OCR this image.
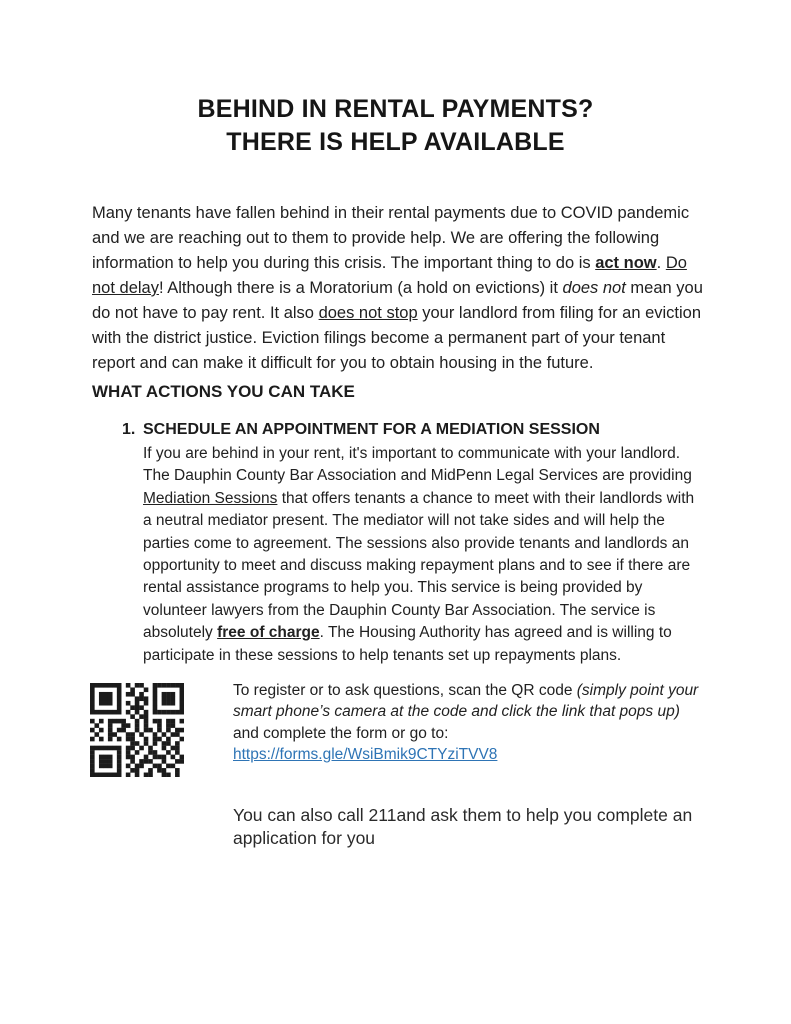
BEHIND IN RENTAL PAYMENTS?
THERE IS HELP AVAILABLE

Many tenants have fallen behind in their rental payments due to COVID pandemic and we are reaching out to them to provide help. We are offering the following information to help you during this crisis. The important thing to do is act now. Do not delay! Although there is a Moratorium (a hold on evictions) it does not mean you do not have to pay rent. It also does not stop your landlord from filing for an eviction with the district justice. Eviction filings become a permanent part of your tenant report and can make it difficult for you to obtain housing in the future.

WHAT ACTIONS YOU CAN TAKE
1. SCHEDULE AN APPOINTMENT FOR A MEDIATION SESSION

If you are behind in your rent, it's important to communicate with your landlord.  The Dauphin County Bar Association and MidPenn Legal Services are providing Mediation Sessions that offers tenants a chance to meet with their landlords with a neutral mediator present. The mediator will not take sides and will help the parties come to agreement. The sessions also provide tenants and landlords an opportunity to meet and discuss making repayment plans and to see if there are rental assistance programs to help you. This service is being provided by volunteer lawyers from the Dauphin County Bar Association. The service is absolutely free of charge. The Housing Authority has agreed and is willing to participate in these sessions to help tenants set up repayments plans.

To register or to ask questions, scan the QR code (simply point your smart phone’s camera at the code and click the link that pops up) and complete the form or go to:

https://forms.gle/WsiBmik9CTYziTVV8

You can also call 211and ask them to help you complete an application for you
